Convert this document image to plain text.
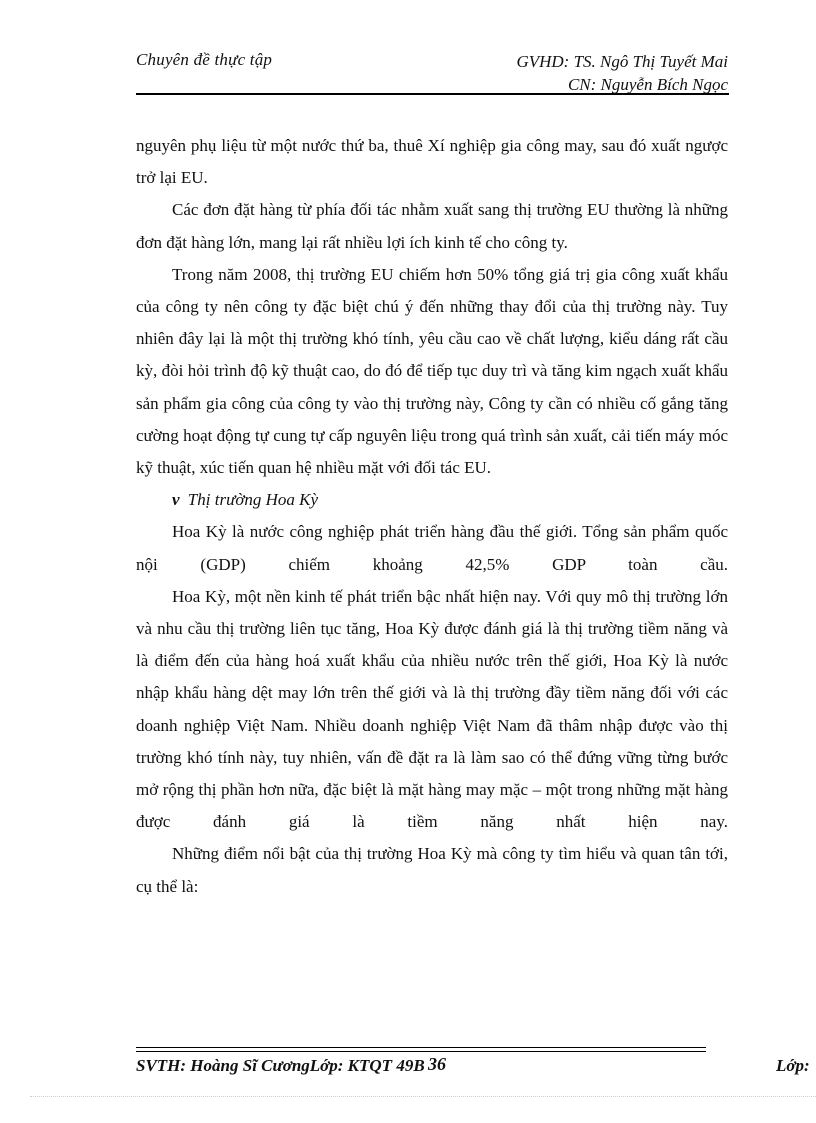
Chuyên đề thực tập	GVHD: TS. Ngô Thị Tuyết Mai
CN: Nguyễn Bích Ngọc

nguyên phụ liệu từ một nước thứ ba, thuê Xí nghiệp gia công may, sau đó xuất ngược trở lại EU.

Các đơn đặt hàng từ phía đối tác nhằm xuất sang thị trường EU thường là những đơn đặt hàng lớn, mang lại rất nhiều lợi ích kinh tế cho công ty.

Trong năm 2008, thị trường EU chiếm hơn 50% tổng giá trị gia công xuất khẩu của công ty nên công ty đặc biệt chú ý đến những thay đổi của thị trường này. Tuy nhiên đây lại là một thị trường khó tính, yêu cầu cao về chất lượng, kiểu dáng rất cầu kỳ, đòi hỏi trình độ kỹ thuật cao, do đó để tiếp tục duy trì và tăng kim ngạch xuất khẩu sản phẩm gia công của công ty vào thị trường này, Công ty cần có nhiều cố gắng tăng cường hoạt động tự cung tự cấp nguyên liệu trong quá trình sản xuất, cải tiến máy móc kỹ thuật, xúc tiến quan hệ nhiều mặt với đối tác EU.

v Thị trường Hoa Kỳ

Hoa Kỳ là nước công nghiệp phát triển hàng đầu thế giới. Tổng sản phẩm quốc nội (GDP) chiếm khoảng 42,5% GDP toàn cầu.

Hoa Kỳ, một nền kinh tế phát triển bậc nhất hiện nay. Với quy mô thị trường lớn và nhu cầu thị trường liên tục tăng, Hoa Kỳ được đánh giá là thị trường tiềm năng và là điểm đến của hàng hoá xuất khẩu của nhiều nước trên thế giới, Hoa Kỳ là nước nhập khẩu hàng dệt may lớn trên thế giới và là thị trường đầy tiềm năng đối với các doanh nghiệp Việt Nam. Nhiều doanh nghiệp Việt Nam đã thâm nhập được vào thị trường khó tính này, tuy nhiên, vấn đề đặt ra là làm sao có thể đứng vững từng bước mở rộng thị phần hơn nữa, đặc biệt là mặt hàng may mặc – một trong những mặt hàng được đánh giá là tiềm năng nhất hiện nay.

Những điểm nổi bật của thị trường Hoa Kỳ mà công ty tìm hiểu và quan tân tới, cụ thể là:

SVTH: Hoàng Sĩ CươngLớp: KTQT 49B 36	Lớp:
